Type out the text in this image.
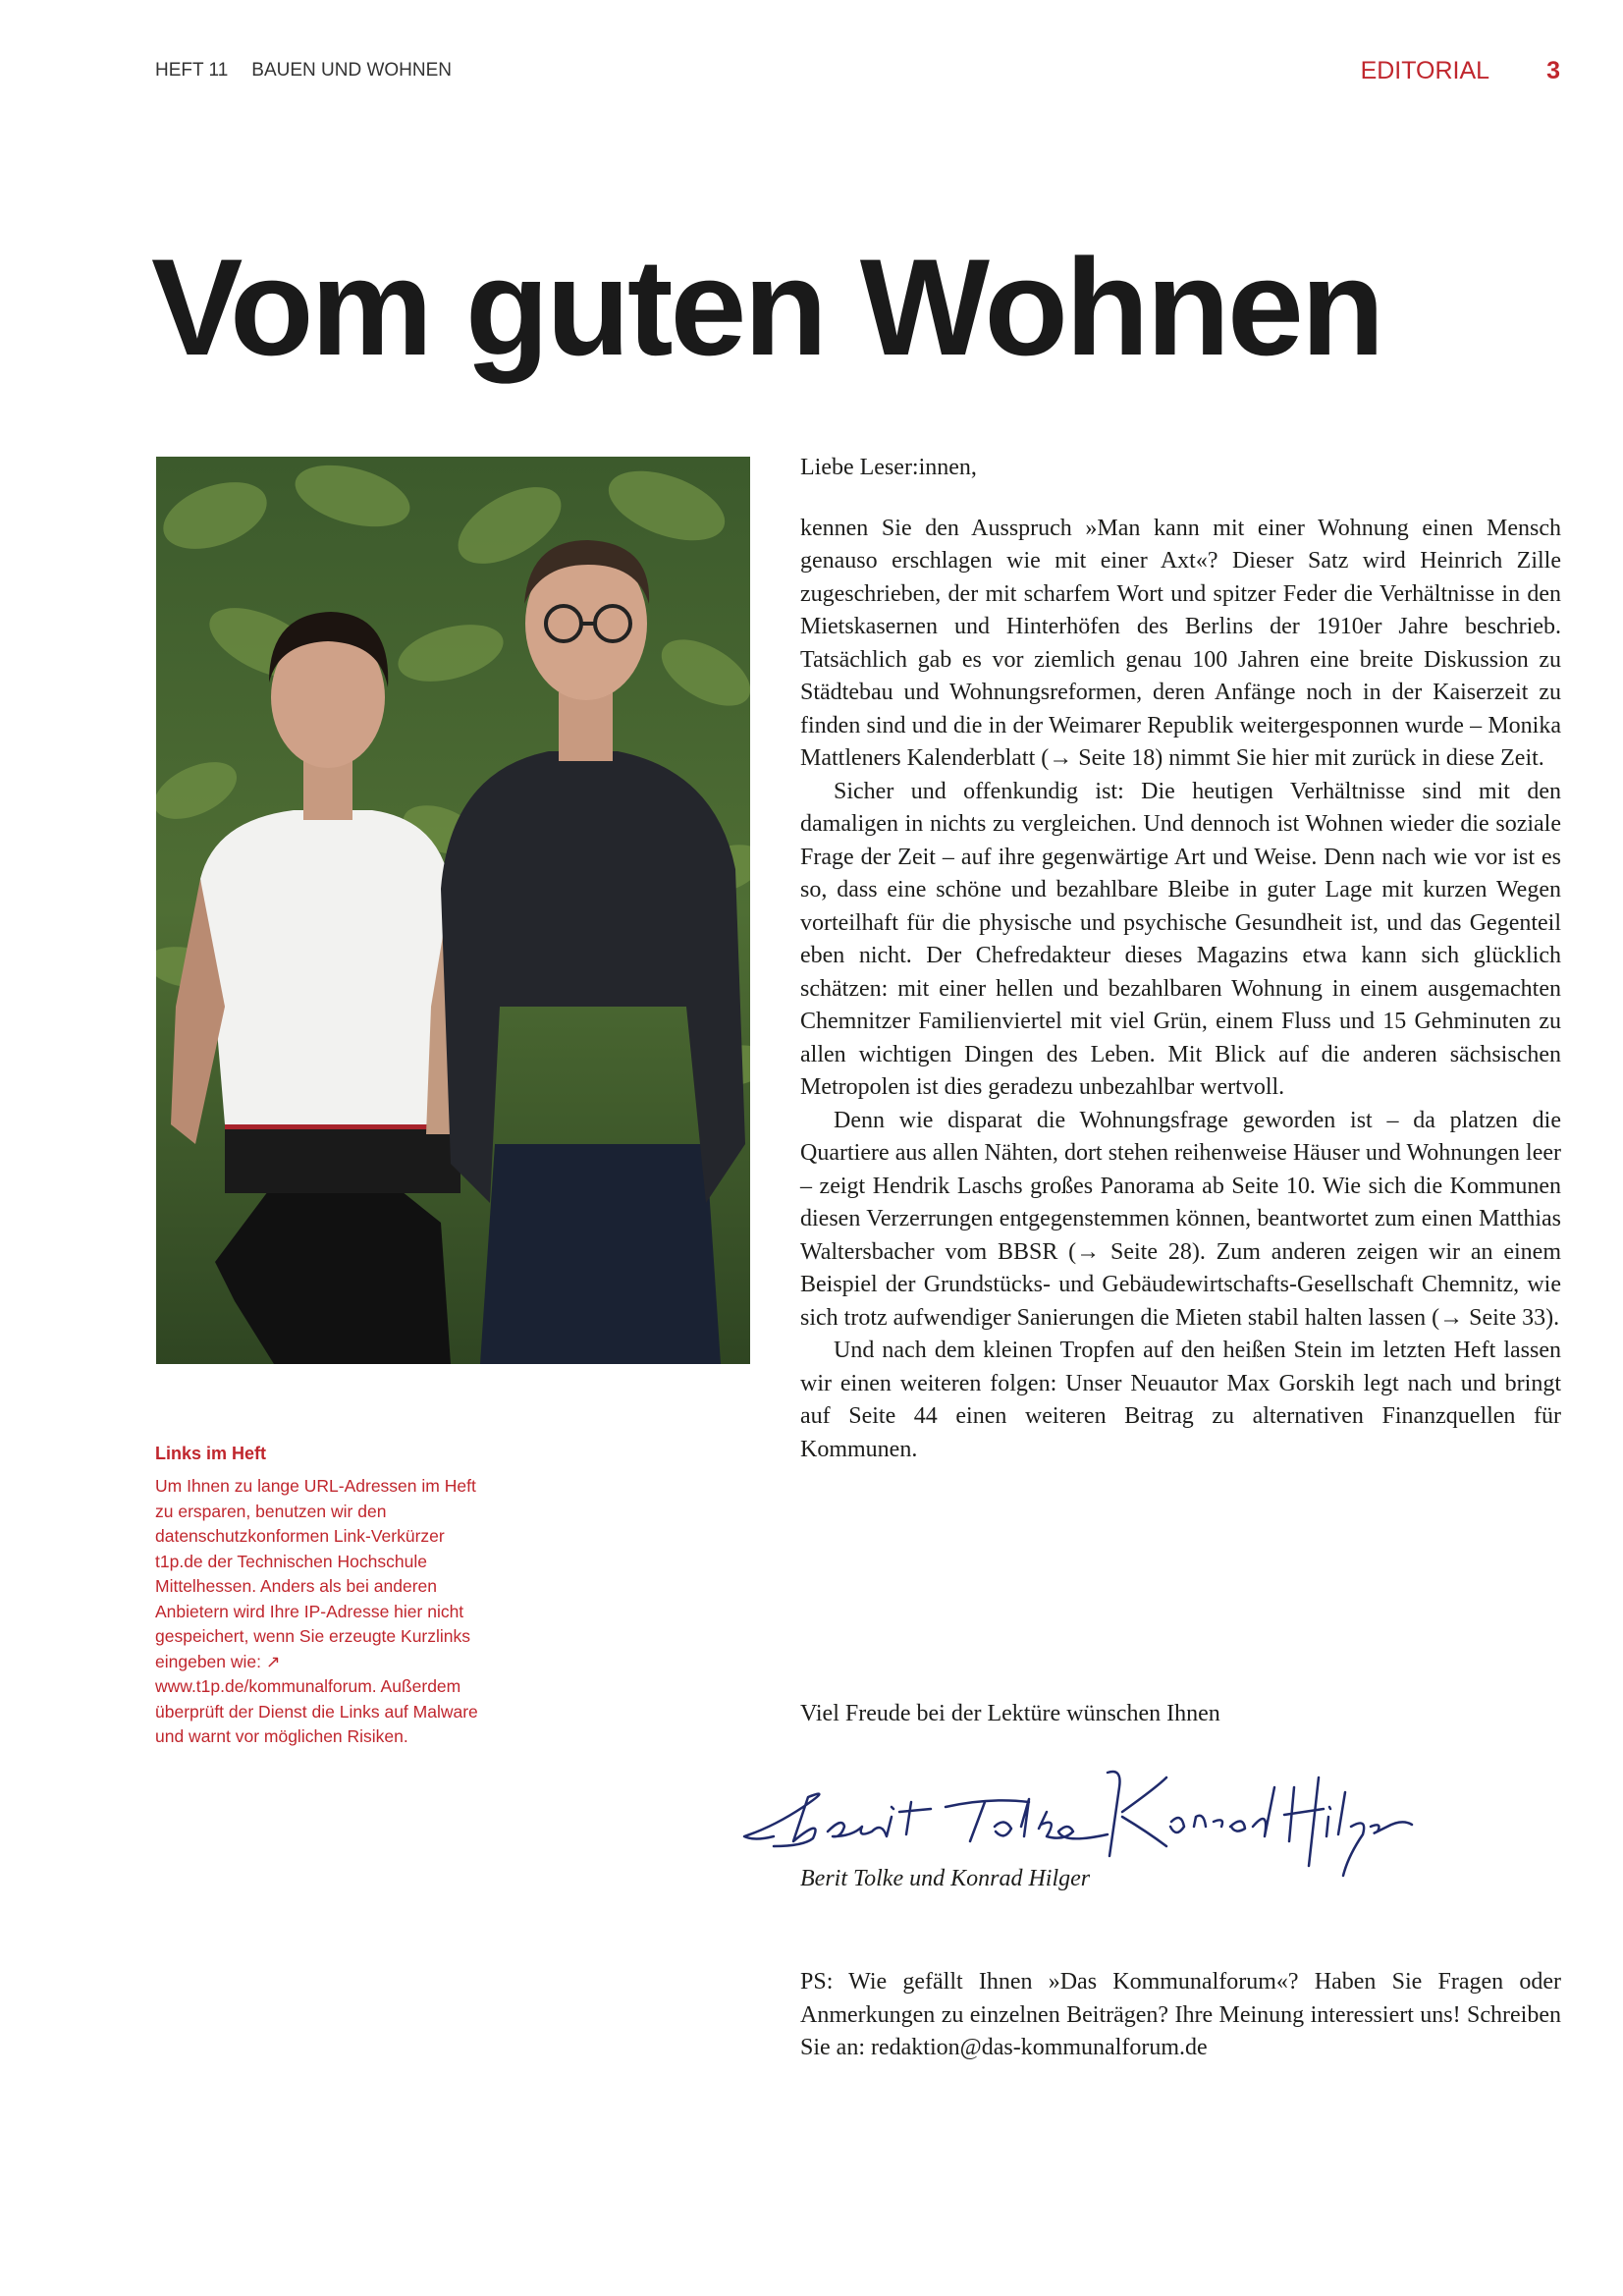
HEFT 11 BAUEN UND WOHNEN	EDITORIAL 3
Vom guten Wohnen
Links im Heft
Um Ihnen zu lange URL-Adressen im Heft zu ersparen, benutzen wir den datenschutzkonformen Link-Verkürzer t1p.de der Technischen Hochschule Mittelhessen. Anders als bei anderen Anbietern wird Ihre IP-Adresse hier nicht gespeichert, wenn Sie erzeugte Kurzlinks eingeben wie: ↗ www.t1p.de/kommunalforum. Außerdem überprüft der Dienst die Links auf Malware und warnt vor möglichen Risiken.

Liebe Leser:innen,

kennen Sie den Ausspruch »Man kann mit einer Wohnung einen Mensch genauso erschlagen wie mit einer Axt«? Dieser Satz wird Heinrich Zille zugeschrieben, der mit scharfem Wort und spitzer Feder die Verhältnisse in den Mietskasernen und Hinterhöfen des Berlins der 1910er Jahre beschrieb. Tatsächlich gab es vor ziemlich genau 100 Jahren eine breite Diskussion zu Städtebau und Wohnungsreformen, deren Anfänge noch in der Kaiserzeit zu finden sind und die in der Weimarer Republik weitergesponnen wurde – Monika Mattleners Kalenderblatt (→ Seite 18) nimmt Sie hier mit zurück in diese Zeit.

Sicher und offenkundig ist: Die heutigen Verhältnisse sind mit den damaligen in nichts zu vergleichen. Und dennoch ist Wohnen wieder die soziale Frage der Zeit – auf ihre gegenwärtige Art und Weise. Denn nach wie vor ist es so, dass eine schöne und bezahlbare Bleibe in guter Lage mit kurzen Wegen vorteilhaft für die physische und psychische Gesundheit ist, und das Gegenteil eben nicht. Der Chefredakteur dieses Magazins etwa kann sich glücklich schätzen: mit einer hellen und bezahlbaren Wohnung in einem ausgemachten Chemnitzer Familienviertel mit viel Grün, einem Fluss und 15 Gehminuten zu allen wichtigen Dingen des Leben. Mit Blick auf die anderen sächsischen Metropolen ist dies geradezu unbezahlbar wertvoll.

Denn wie disparat die Wohnungsfrage geworden ist – da platzen die Quartiere aus allen Nähten, dort stehen reihenweise Häuser und Wohnungen leer – zeigt Hendrik Laschs großes Panorama ab Seite 10. Wie sich die Kommunen diesen Verzerrungen entgegenstemmen können, beantwortet zum einen Matthias Waltersbacher vom BBSR (→ Seite 28). Zum anderen zeigen wir an einem Beispiel der Grundstücks- und Gebäudewirtschafts-Gesellschaft Chemnitz, wie sich trotz aufwendiger Sanierungen die Mieten stabil halten lassen (→ Seite 33).

Und nach dem kleinen Tropfen auf den heißen Stein im letzten Heft lassen wir einen weiteren folgen: Unser Neuautor Max Gorskih legt nach und bringt auf Seite 44 einen weiteren Beitrag zu alternativen Finanzquellen für Kommunen.

Viel Freude bei der Lektüre wünschen Ihnen

Berit Tolke und Konrad Hilger

PS: Wie gefällt Ihnen »Das Kommunalforum«? Haben Sie Fragen oder Anmerkungen zu einzelnen Beiträgen? Ihre Meinung interessiert uns! Schreiben Sie an: redaktion@das-kommunalforum.de
